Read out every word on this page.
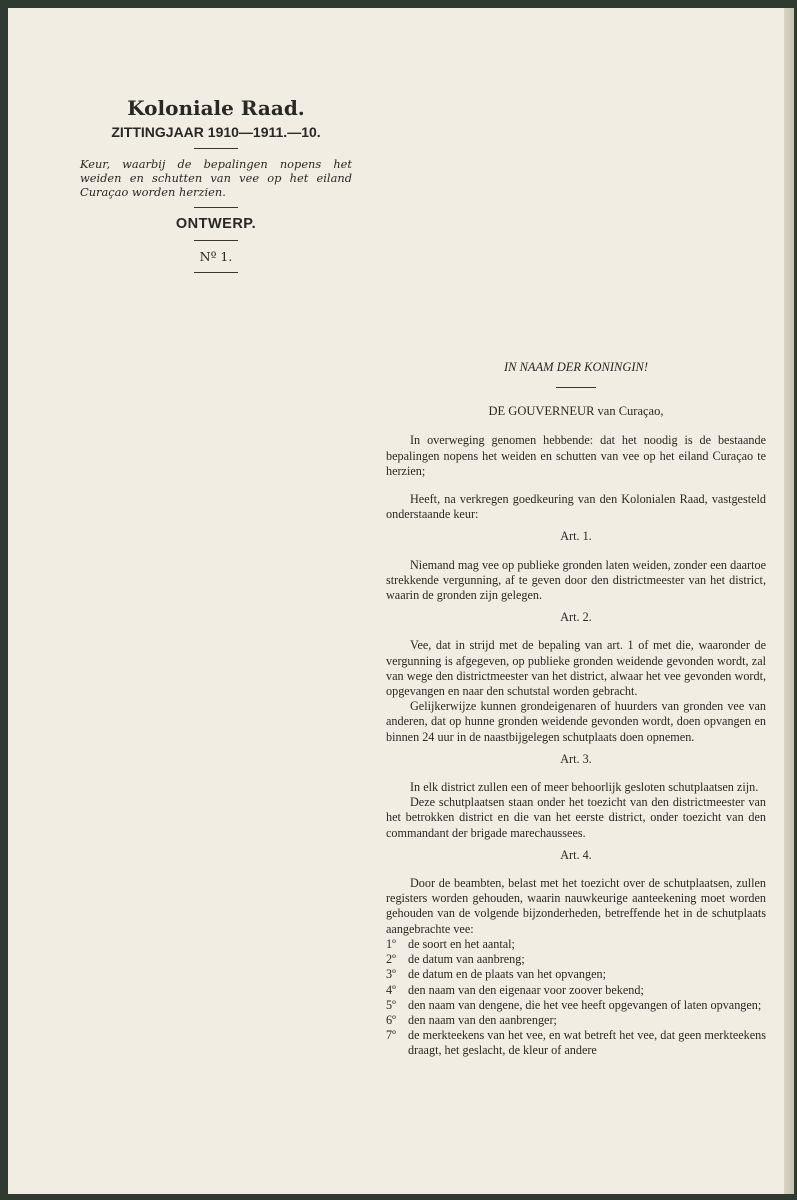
Koloniale Raad.
ZITTINGJAAR 1910—1911.—10.
Keur, waarbij de bepalingen nopens het weiden en schutten van vee op het eiland Curaçao worden herzien.
ONTWERP.
Nº 1.
IN NAAM DER KONINGIN!
DE GOUVERNEUR van Curaçao,

In overweging genomen hebbende: dat het noodig is de bestaande bepalingen nopens het weiden en schutten van vee op het eiland Curaçao te herzien;

Heeft, na verkregen goedkeuring van den Kolonialen Raad, vastgesteld onderstaande keur:

Art. 1.

Niemand mag vee op publieke gronden laten weiden, zonder een daartoe strekkende vergunning, af te geven door den districtmeester van het district, waarin de gronden zijn gelegen.

Art. 2.

Vee, dat in strijd met de bepaling van art. 1 of met die, waaronder de vergunning is afgegeven, op publieke gronden weidende gevonden wordt, zal van wege den districtmeester van het district, alwaar het vee gevonden wordt, opgevangen en naar den schutstal worden gebracht.

Gelijkerwijze kunnen grondeigenaren of huurders van gronden vee van anderen, dat op hunne gronden weidende gevonden wordt, doen opvangen en binnen 24 uur in de naastbijgelegen schutplaats doen opnemen.

Art. 3.

In elk district zullen een of meer behoorlijk gesloten schutplaatsen zijn.

Deze schutplaatsen staan onder het toezicht van den districtmeester van het betrokken district en die van het eerste district, onder toezicht van den commandant der brigade marechaussees.

Art. 4.

Door de beambten, belast met het toezicht over de schutplaatsen, zullen registers worden gehouden, waarin nauwkeurige aanteekening moet worden gehouden van de volgende bijzonderheden, betreffende het in de schutplaats aangebrachte vee:

1º de soort en het aantal;
2º de datum van aanbreng;
3º de datum en de plaats van het opvangen;
4º den naam van den eigenaar voor zoover bekend;
5º den naam van dengene, die het vee heeft opgevangen of laten opvangen;
6º den naam van den aanbrenger;
7º de merkteekens van het vee, en wat betreft het vee, dat geen merkteekens draagt, het geslacht, de kleur of andere
